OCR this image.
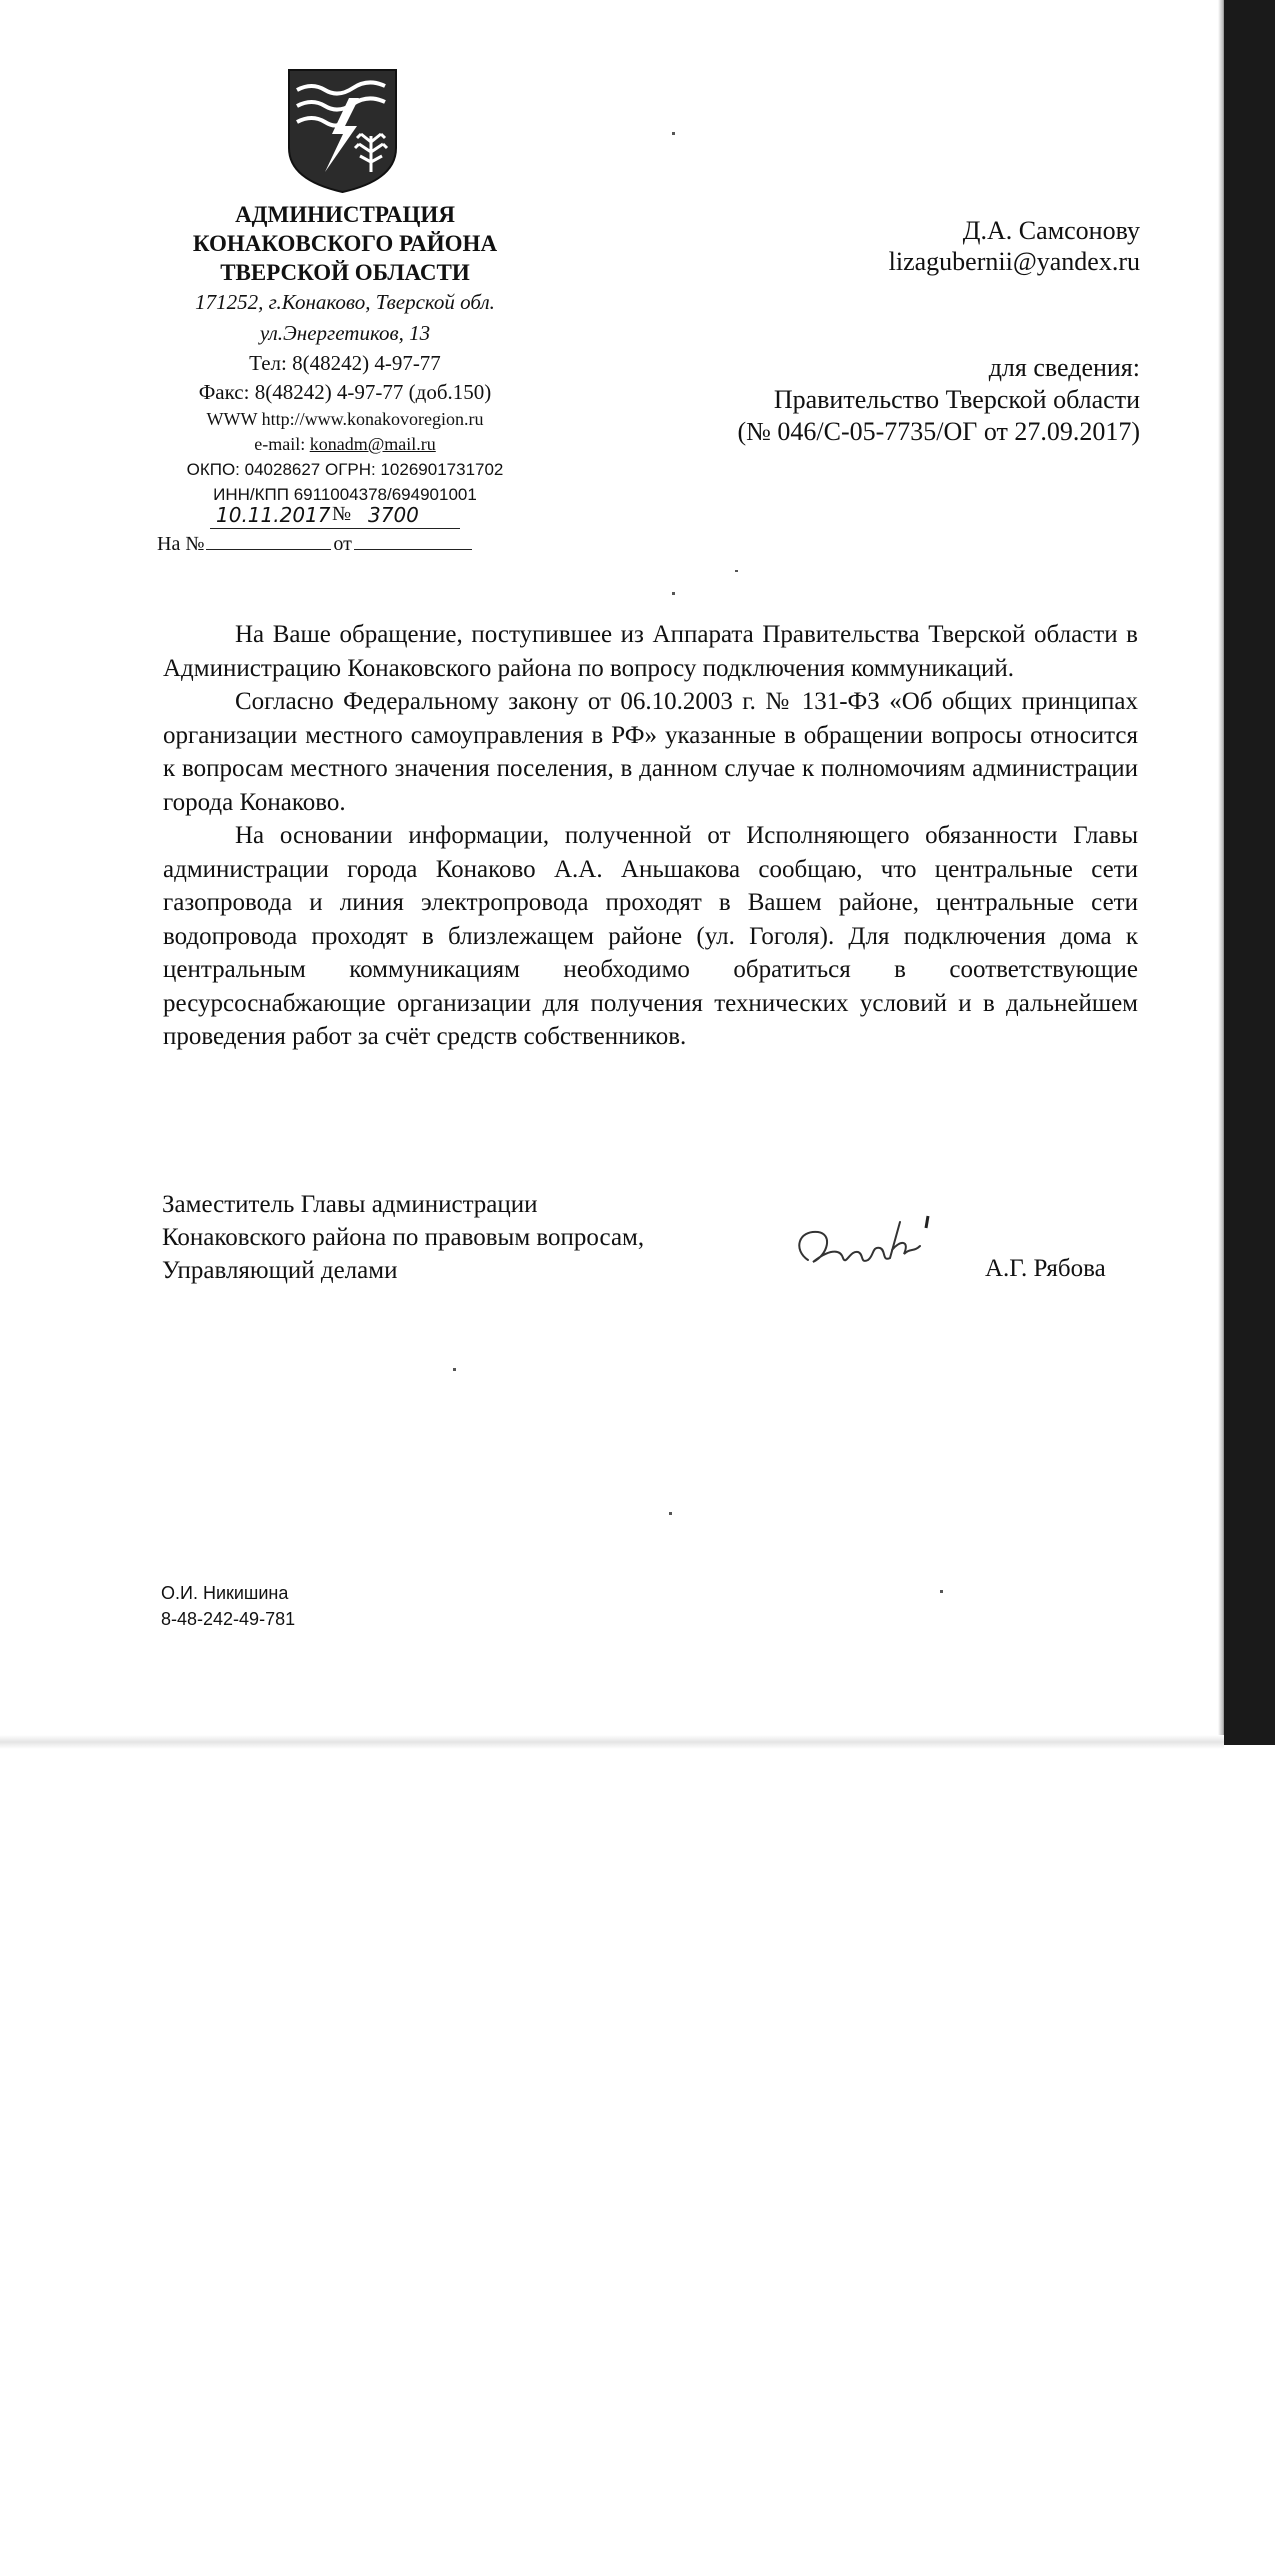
АДМИНИСТРАЦИЯ
КОНАКОВСКОГО РАЙОНА
ТВЕРСКОЙ ОБЛАСТИ
171252, г.Конаково, Тверской обл.
ул.Энергетиков, 13
Тел: 8(48242) 4-97-77
Факс: 8(48242) 4-97-77 (доб.150)
WWW http://www.konakovoregion.ru
e-mail: konadm@mail.ru
ОКПО: 04028627 ОГРН: 1026901731702
ИНН/КПП 6911004378/694901001
10.11.2017 № 3700
На №	от
Д.А. Самсонову
lizagubernii@yandex.ru
для сведения:
Правительство Тверской области
(№ 046/С-05-7735/ОГ от 27.09.2017)

На Ваше обращение, поступившее из Аппарата Правительства Тверской области в Администрацию Конаковского района по вопросу подключения коммуникаций.

Согласно Федеральному закону от 06.10.2003 г. № 131-ФЗ «Об общих принципах организации местного самоуправления в РФ» указанные в обращении вопросы относится к вопросам местного значения поселения, в данном случае к полномочиям администрации города Конаково.

На основании информации, полученной от Исполняющего обязанности Главы администрации города Конаково А.А. Аньшакова сообщаю, что центральные сети газопровода и линия электропровода проходят в Вашем районе, центральные сети водопровода проходят в близлежащем районе (ул. Гоголя). Для подключения дома к центральным коммуникациям необходимо обратиться в соответствующие ресурсоснабжающие организации для получения технических условий и в дальнейшем проведения работ за счёт средств собственников.

Заместитель Главы администрации
Конаковского района по правовым вопросам,
Управляющий делами	А.Г. Рябова
О.И. Никишина
8-48-242-49-781
